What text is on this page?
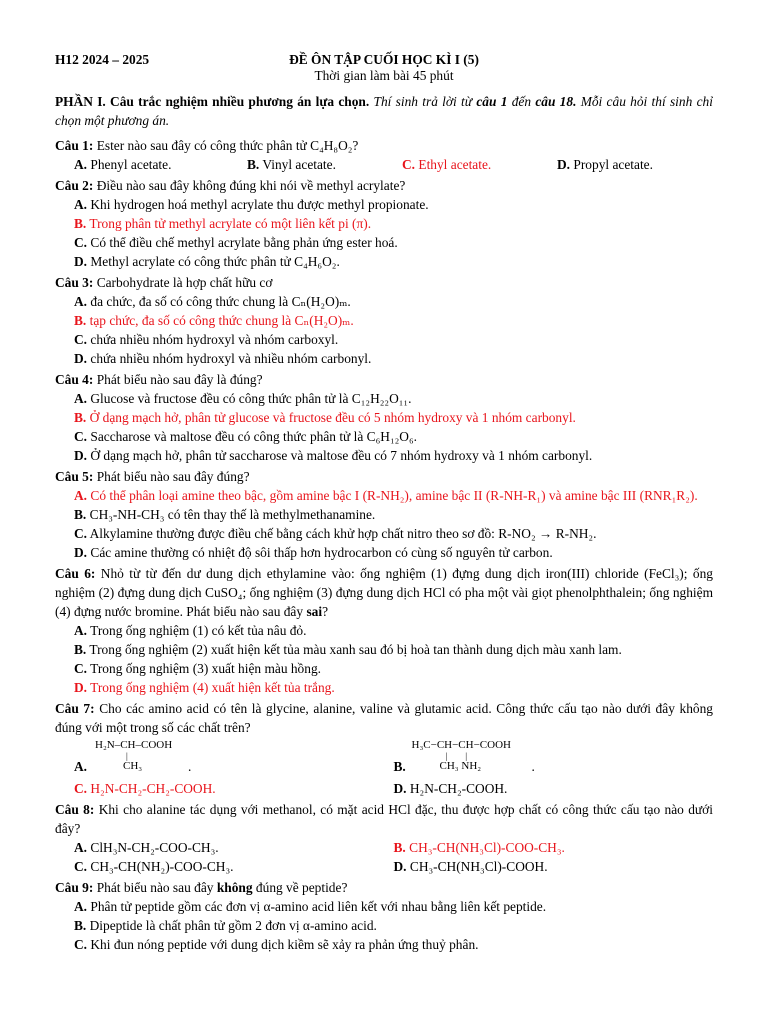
H12 2024 – 2025	ĐỀ ÔN TẬP CUỐI HỌC KÌ I (5)
Thời gian làm bài 45 phút
PHẦN I. Câu trắc nghiệm nhiều phương án lựa chọn. Thí sinh trả lời từ câu 1 đến câu 18. Mỗi câu hỏi thí sinh chỉ chọn một phương án.
Câu 1: Ester nào sau đây có công thức phân tử C₄H₈O₂?
A. Phenyl acetate.	B. Vinyl acetate.	C. Ethyl acetate.	D. Propyl acetate.
Câu 2: Điều nào sau đây không đúng khi nói về methyl acrylate?
A. Khi hydrogen hoá methyl acrylate thu được methyl propionate.
B. Trong phân tử methyl acrylate có một liên kết pi (π).
C. Có thể điều chế methyl acrylate bằng phản ứng ester hoá.
D. Methyl acrylate có công thức phân tử C₄H₆O₂.
Câu 3: Carbohydrate là hợp chất hữu cơ
A. đa chức, đa số có công thức chung là Cₙ(H₂O)ₘ.
B. tạp chức, đa số có công thức chung là Cₙ(H₂O)ₘ.
C. chứa nhiều nhóm hydroxyl và nhóm carboxyl.
D. chứa nhiều nhóm hydroxyl và nhiều nhóm carbonyl.
Câu 4: Phát biểu nào sau đây là đúng?
A. Glucose và fructose đều có công thức phân tử là C₁₂H₂₂O₁₁.
B. Ở dạng mạch hở, phân tử glucose và fructose đều có 5 nhóm hydroxy và 1 nhóm carbonyl.
C. Saccharose và maltose đều có công thức phân tử là C₆H₁₂O₆.
D. Ở dạng mạch hở, phân tử saccharose và maltose đều có 7 nhóm hydroxy và 1 nhóm carbonyl.
Câu 5: Phát biểu nào sau đây đúng?
A. Có thể phân loại amine theo bậc, gồm amine bậc I (R-NH₂), amine bậc II (R-NH-R₁) và amine bậc III (RNR₁R₂).
B. CH₃-NH-CH₃ có tên thay thế là methylmethanamine.
C. Alkylamine thường được điều chế bằng cách khử hợp chất nitro theo sơ đồ: R-NO₂ → R-NH₂.
D. Các amine thường có nhiệt độ sôi thấp hơn hydrocarbon có cùng số nguyên tử carbon.
Câu 6: Nhỏ từ từ đến dư dung dịch ethylamine vào: ống nghiệm (1) đựng dung dịch iron(III) chloride (FeCl₃); ống nghiệm (2) đựng dung dịch CuSO₄; ống nghiệm (3) đựng dung dịch HCl có pha một vài giọt phenolphthalein; ống nghiệm (4) đựng nước bromine. Phát biểu nào sau đây sai?
A. Trong ống nghiệm (1) có kết tủa nâu đỏ.
B. Trong ống nghiệm (2) xuất hiện kết tủa màu xanh sau đó bị hoà tan thành dung dịch màu xanh lam.
C. Trong ống nghiệm (3) xuất hiện màu hồng.
D. Trong ống nghiệm (4) xuất hiện kết tủa trắng.
Câu 7: Cho các amino acid có tên là glycine, alanine, valine và glutamic acid. Công thức cấu tạo nào dưới đây không đúng với một trong số các chất trên?
A.
H₂N–CH–COOH
|
CH₃	.	B.
H₃C−CH−CH−COOH
|        |
CH₃ NH₂	.
C. H₂N-CH₂-CH₂-COOH.	D. H₂N-CH₂-COOH.
Câu 8: Khi cho alanine tác dụng với methanol, có mặt acid HCl đặc, thu được hợp chất có công thức cấu tạo nào dưới đây?
A. ClH₃N-CH₂-COO-CH₃.	B. CH₃-CH(NH₃Cl)-COO-CH₃.
C. CH₃-CH(NH₂)-COO-CH₃.	D. CH₃-CH(NH₃Cl)-COOH.
Câu 9: Phát biểu nào sau đây không đúng về peptide?
A. Phân tử peptide gồm các đơn vị α-amino acid liên kết với nhau bằng liên kết peptide.
B. Dipeptide là chất phân tử gồm 2 đơn vị α-amino acid.
C. Khi đun nóng peptide với dung dịch kiềm sẽ xảy ra phản ứng thuỷ phân.
